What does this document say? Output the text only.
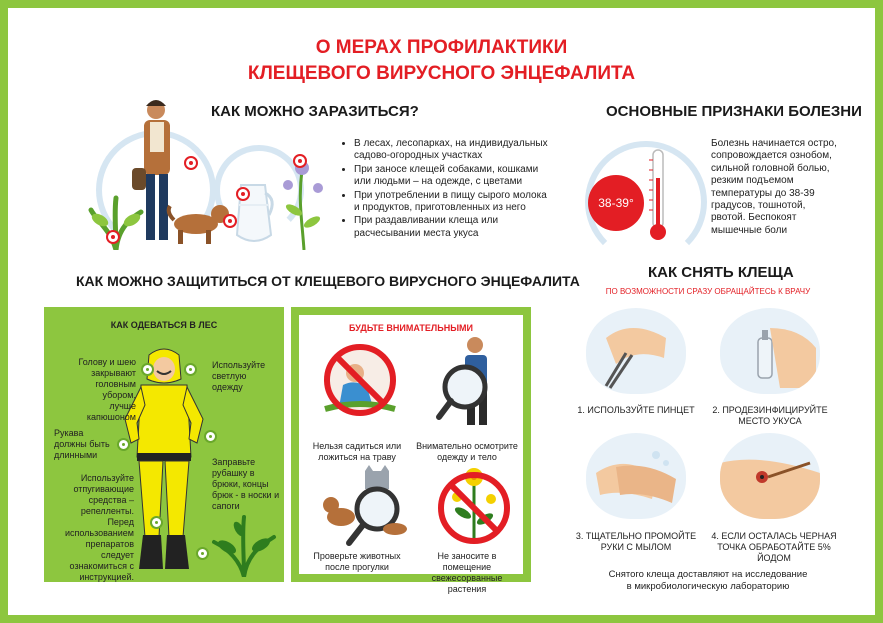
О МЕРАХ ПРОФИЛАКТИКИ
КЛЕЩЕВОГО ВИРУСНОГО ЭНЦЕФАЛИТА
КАК МОЖНО ЗАРАЗИТЬСЯ?
• В лесах, лесопарках, на индивидуальных садово-огородных участках
• При заносе клещей собаками, кошками или людьми – на одежде, с цветами
• При употреблении в пищу сырого молока и продуктов, приготовленных из него
• При раздавливании клеща или расчесывании места укуса
ОСНОВНЫЕ ПРИЗНАКИ БОЛЕЗНИ
38-39°
Болезнь начинается остро, сопровождается ознобом, сильной головной болью, резким подъемом температуры до 38-39 градусов, тошнотой, рвотой. Беспокоят мышечные боли
КАК МОЖНО ЗАЩИТИТЬСЯ ОТ КЛЕЩЕВОГО ВИРУСНОГО ЭНЦЕФАЛИТА
КАК ОДЕВАТЬСЯ В ЛЕС
Голову и шею закрывают головным убором, лучше капюшоном
Используйте светлую одежду
Рукава должны быть длинными
Заправьте рубашку в брюки, концы брюк - в носки и сапоги
Используйте отпугивающие средства – репелленты. Перед использованием препаратов следует ознакомиться с инструкцией.
БУДЬТЕ ВНИМАТЕЛЬНЫМИ
Нельзя садиться или ложиться на траву
Внимательно осмотрите одежду и тело
Проверьте животных после прогулки
Не заносите в помещение свежесорванные растения
КАК СНЯТЬ КЛЕЩА
ПО ВОЗМОЖНОСТИ СРАЗУ ОБРАЩАЙТЕСЬ К ВРАЧУ
1. ИСПОЛЬЗУЙТЕ ПИНЦЕТ	2. ПРОДЕЗИНФИЦИРУЙТЕ МЕСТО УКУСА
3. ТЩАТЕЛЬНО ПРОМОЙТЕ РУКИ С МЫЛОМ
4. ЕСЛИ ОСТАЛАСЬ ЧЕРНАЯ ТОЧКА ОБРАБОТАЙТЕ 5% ЙОДОМ
Снятого клеща доставляют на исследование в микробиологическую лабораторию
